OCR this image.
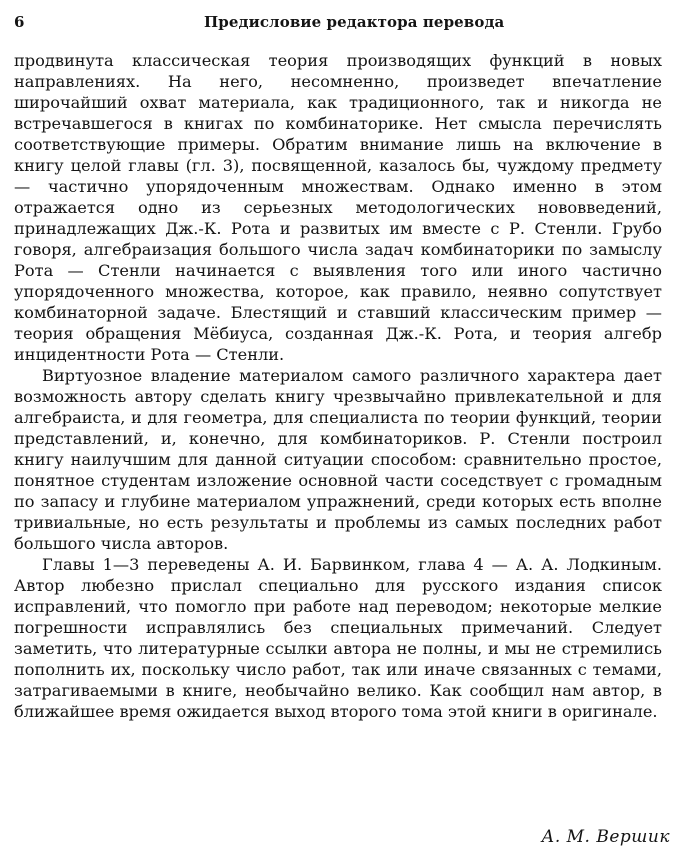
6	Предисловие редактора перевода

продвинута классическая теория производящих функций в новых направлениях. На него, несомненно, произведет впечатление широчайший охват материала, как традиционного, так и никогда не встречавшегося в книгах по комбинаторике. Нет смысла перечислять соответствующие примеры. Обратим внимание лишь на включение в книгу целой главы (гл. 3), посвященной, казалось бы, чуждому предмету — частично упорядоченным множествам. Однако именно в этом отражается одно из серьезных методологических нововведений, принадлежащих Дж.-К. Рота и развитых им вместе с Р. Стенли. Грубо говоря, алгебраизация большого числа задач комбинаторики по замыслу Рота — Стенли начинается с выявления того или иного частично упорядоченного множества, которое, как правило, неявно сопутствует комбинаторной задаче. Блестящий и ставший классическим пример — теория обращения Мёбиуса, созданная Дж.-К. Рота, и теория алгебр инцидентности Рота — Стенли.

Виртуозное владение материалом самого различного характера дает возможность автору сделать книгу чрезвычайно привлекательной и для алгебраиста, и для геометра, для специалиста по теории функций, теории представлений, и, конечно, для комбинаториков. Р. Стенли построил книгу наилучшим для данной ситуации способом: сравнительно простое, понятное студентам изложение основной части соседствует с громадным по запасу и глубине материалом упражнений, среди которых есть вполне тривиальные, но есть результаты и проблемы из самых последних работ большого числа авторов.

Главы 1—3 переведены А. И. Барвинком, глава 4 — А. А. Лодкиным. Автор любезно прислал специально для русского издания список исправлений, что помогло при работе над переводом; некоторые мелкие погрешности исправлялись без специальных примечаний. Следует заметить, что литературные ссылки автора не полны, и мы не стремились пополнить их, поскольку число работ, так или иначе связанных с темами, затрагиваемыми в книге, необычайно велико. Как сообщил нам автор, в ближайшее время ожидается выход второго тома этой книги в оригинале.

А. М. Вершик
